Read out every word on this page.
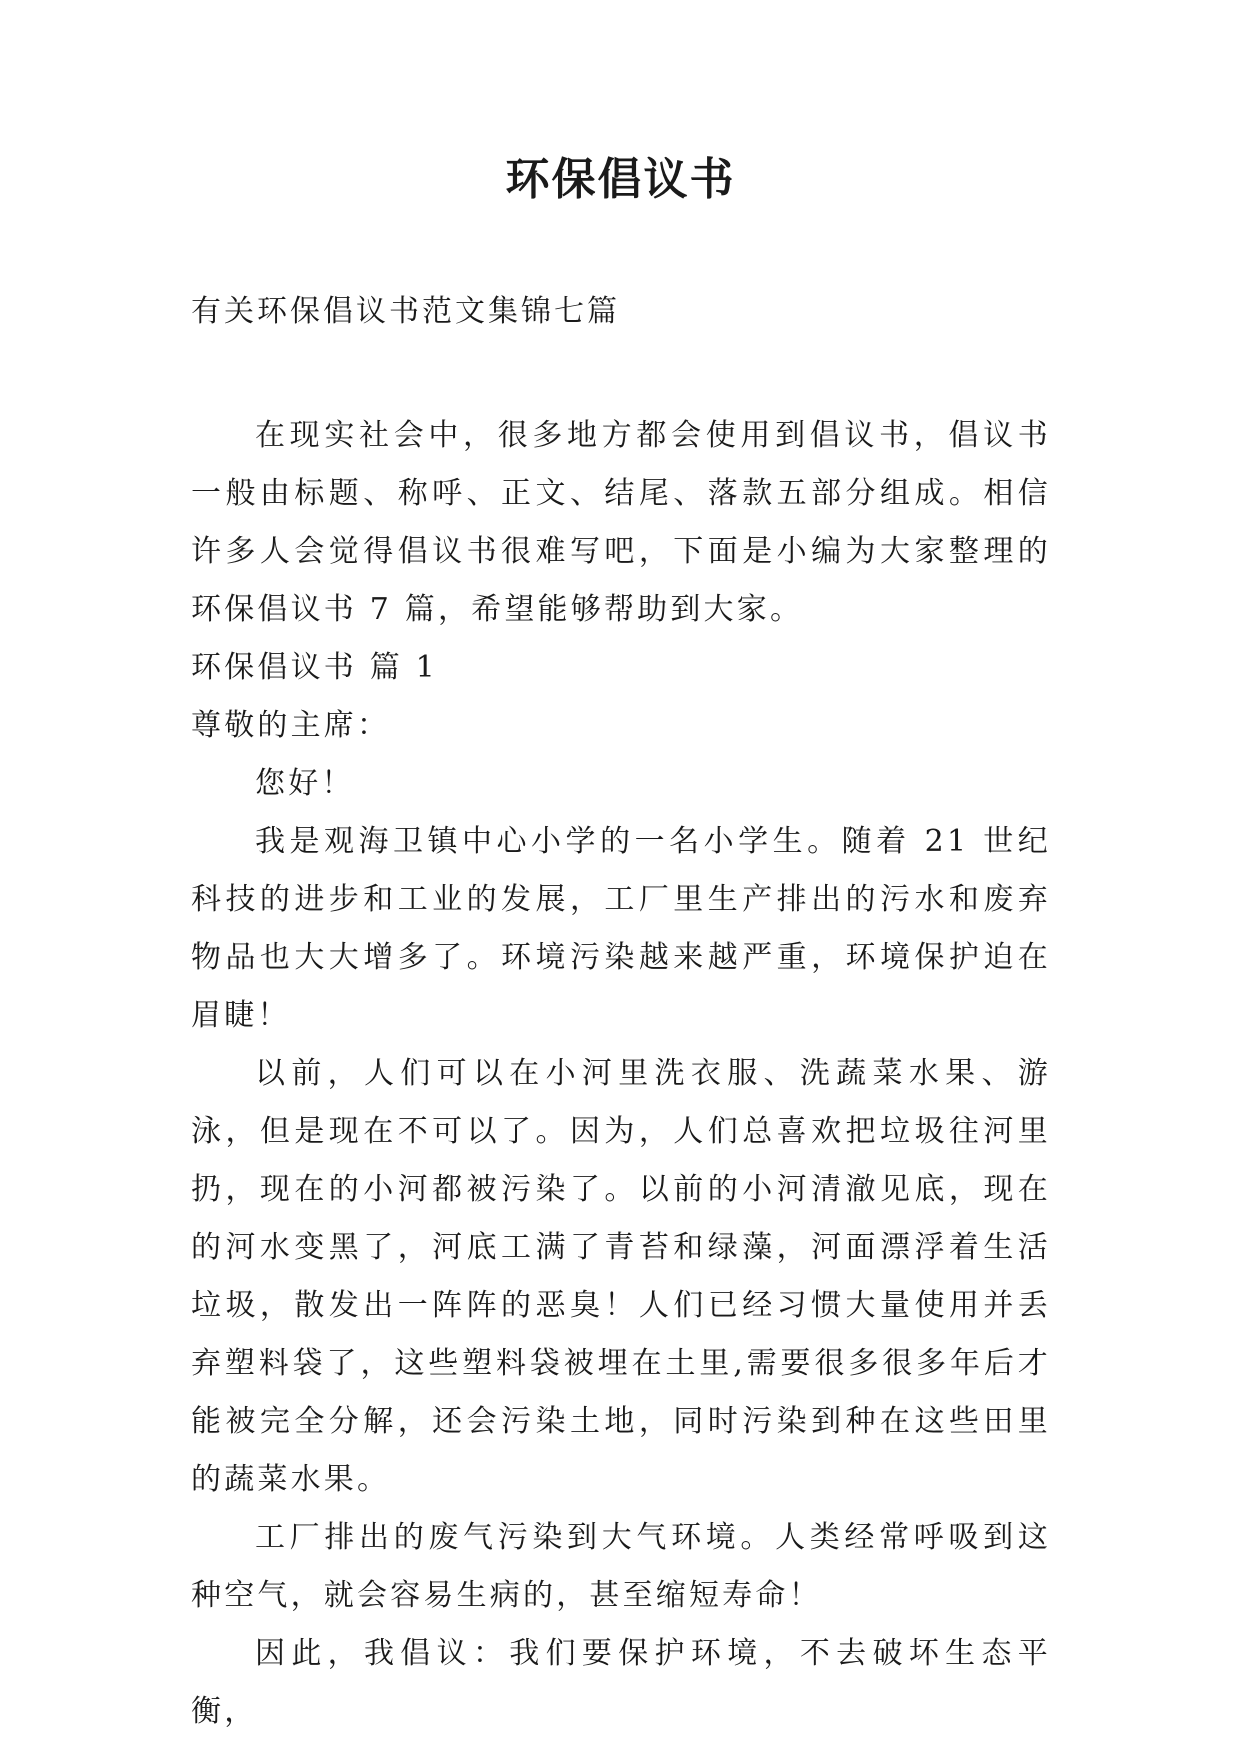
环保倡议书
有关环保倡议书范文集锦七篇

在现实社会中，很多地方都会使用到倡议书，倡议书一般由标题、称呼、正文、结尾、落款五部分组成。相信许多人会觉得倡议书很难写吧，下面是小编为大家整理的环保倡议书 7 篇，希望能够帮助到大家。

环保倡议书 篇 1

尊敬的主席：

您好！

我是观海卫镇中心小学的一名小学生。随着 21 世纪科技的进步和工业的发展，工厂里生产排出的污水和废弃物品也大大增多了。环境污染越来越严重，环境保护迫在眉睫！

以前，人们可以在小河里洗衣服、洗蔬菜水果、游泳，但是现在不可以了。因为，人们总喜欢把垃圾往河里扔，现在的小河都被污染了。以前的小河清澈见底，现在的河水变黑了，河底工满了青苔和绿藻，河面漂浮着生活垃圾，散发出一阵阵的恶臭！人们已经习惯大量使用并丢弃塑料袋了，这些塑料袋被埋在土里,需要很多很多年后才能被完全分解，还会污染土地，同时污染到种在这些田里的蔬菜水果。

工厂排出的废气污染到大气环境。人类经常呼吸到这种空气，就会容易生病的，甚至缩短寿命！

因此，我倡议：我们要保护环境，不去破坏生态平衡，
